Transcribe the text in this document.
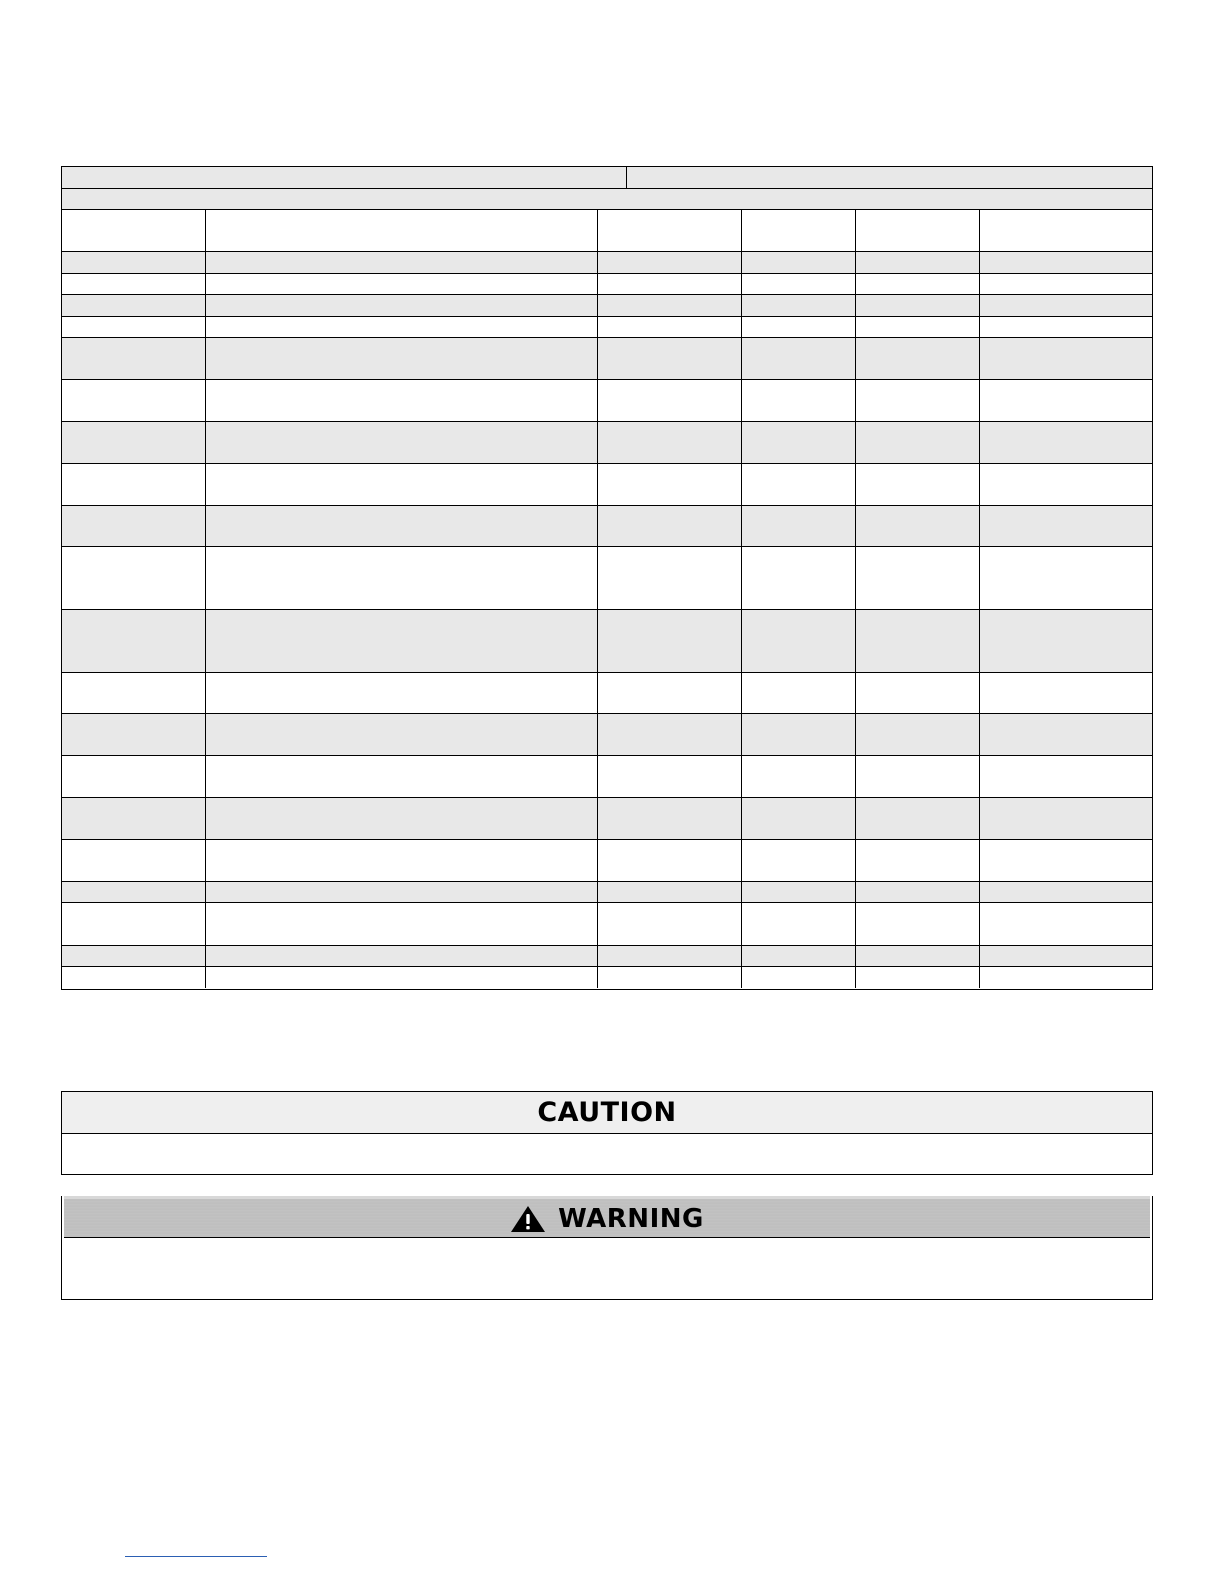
CAUTION
WARNING
